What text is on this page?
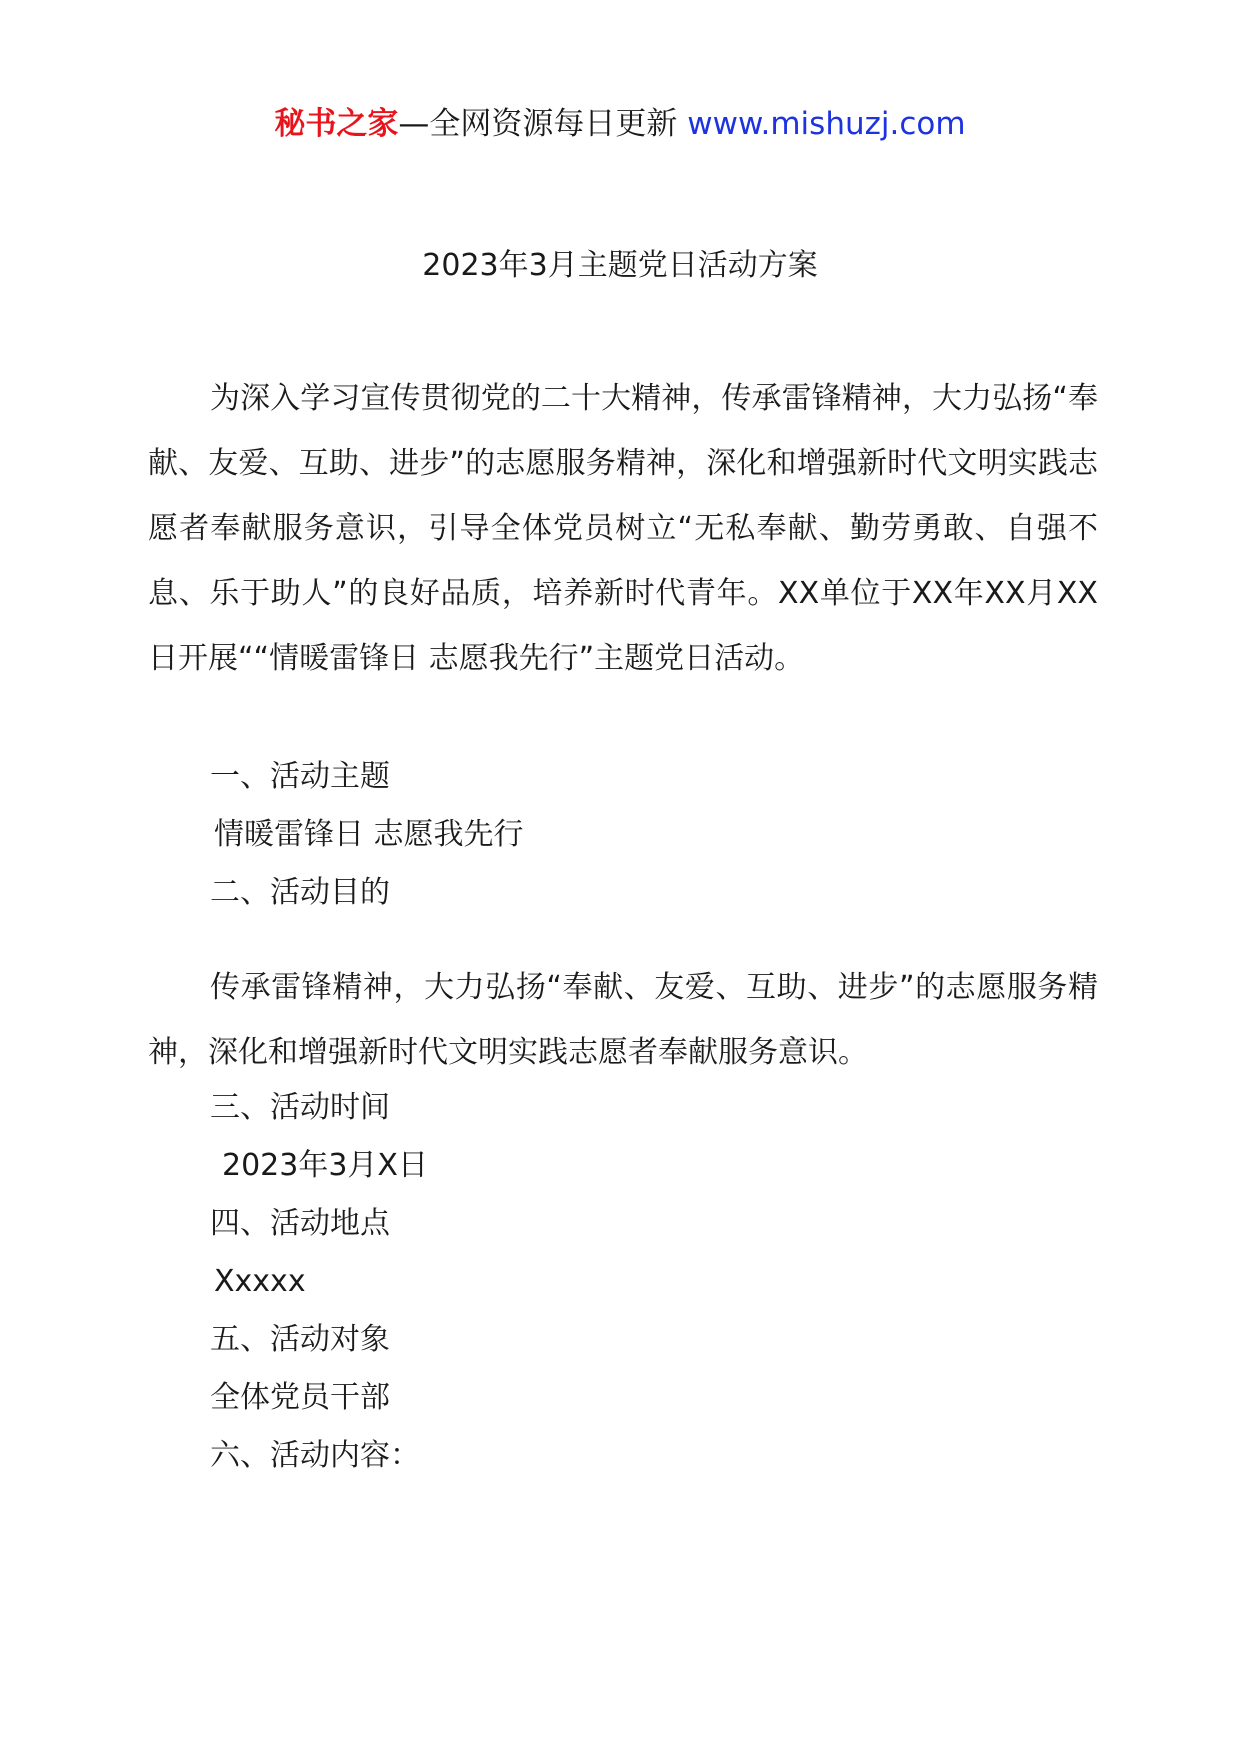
秘书之家—全网资源每日更新 www.mishuzj.com
2023年3月主题党日活动方案

为深入学习宣传贯彻党的二十大精神，传承雷锋精神，大力弘扬“奉献、友爱、互助、进步”的志愿服务精神，深化和增强新时代文明实践志愿者奉献服务意识，引导全体党员树立“无私奉献、勤劳勇敢、自强不息、乐于助人”的良好品质，培养新时代青年。XX单位于XX年XX月XX日开展““情暖雷锋日 志愿我先行”主题党日活动。

一、活动主题

情暖雷锋日 志愿我先行

二、活动目的

传承雷锋精神，大力弘扬“奉献、友爱、互助、进步”的志愿服务精神，深化和增强新时代文明实践志愿者奉献服务意识。

三、活动时间

2023年3月X日

四、活动地点

Xxxxx

五、活动对象

全体党员干部

六、活动内容：
